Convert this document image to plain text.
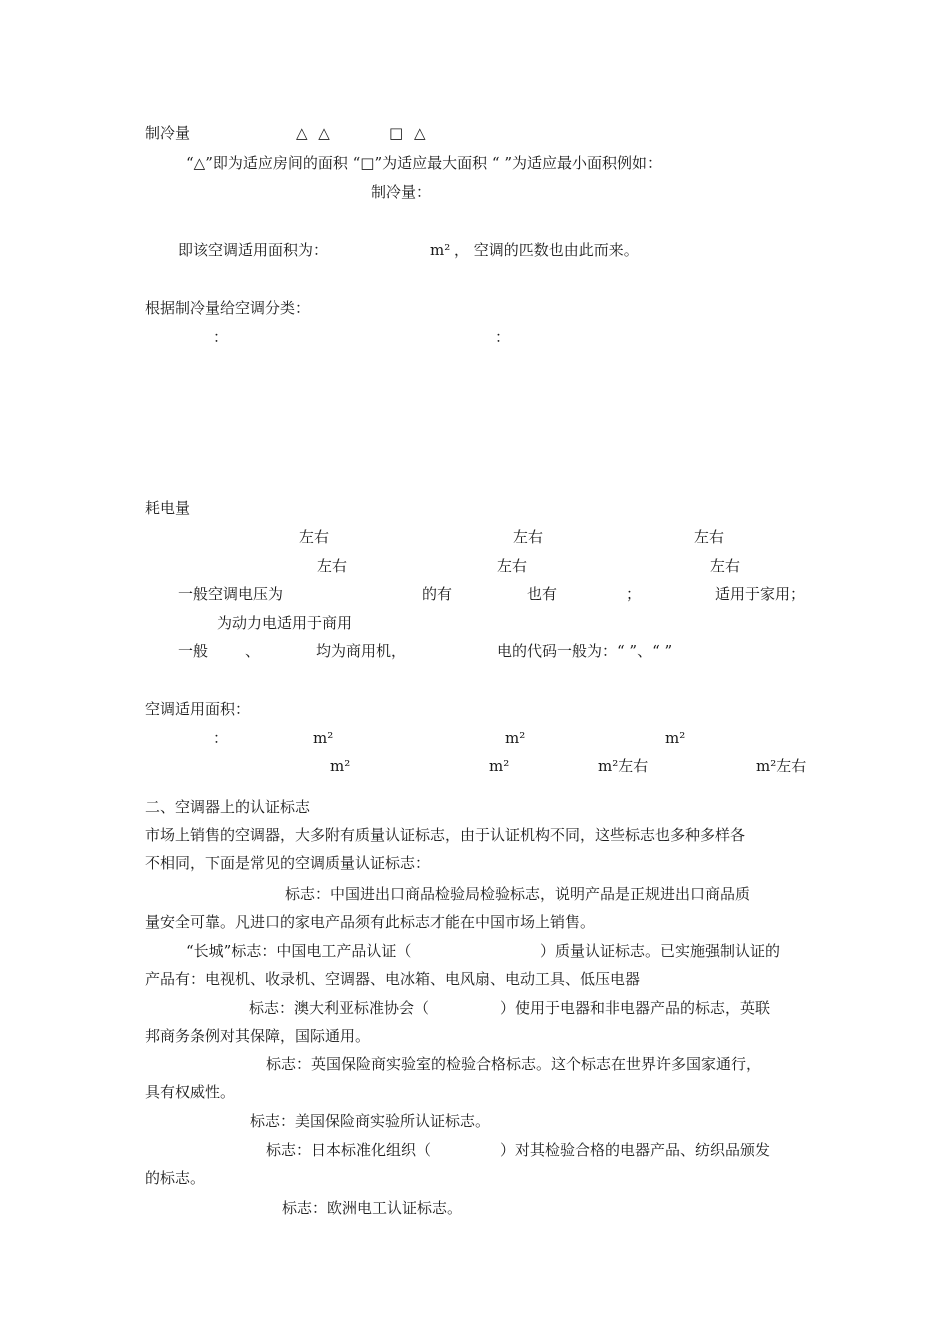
制冷量	△ △	□ △
“△”即为适应房间的面积 “□”为适应最大面积 “ ”为适应最小面积例如：
制冷量：
即该空调适用面积为：	m² ， 空调的匹数也由此而来。
根据制冷量给空调分类：
：	：
耗电量
左右	左右	左右
左右	左右	左右
一般空调电压为	的有	也有	；	适用于家用；
为动力电适用于商用
一般 、	均为商用机，	电的代码一般为：“ ”、“ ”
空调适用面积：
：	m²	m²	m²
m²	m²	m²左右	m²左右
二、空调器上的认证标志
市场上销售的空调器，大多附有质量认证标志，由于认证机构不同，这些标志也多种多样各
不相同，下面是常见的空调质量认证标志：
标志：中国进出口商品检验局检验标志，说明产品是正规进出口商品质
量安全可靠。凡进口的家电产品须有此标志才能在中国市场上销售。
“长城”标志：中国电工产品认证（	）质量认证标志。已实施强制认证的
产品有：电视机、收录机、空调器、电冰箱、电风扇、电动工具、低压电器
标志：澳大利亚标准协会（	）使用于电器和非电器产品的标志，英联
邦商务条例对其保障，国际通用。
标志：英国保险商实验室的检验合格标志。这个标志在世界许多国家通行，
具有权威性。
标志：美国保险商实验所认证标志。
标志：日本标准化组织（	）对其检验合格的电器产品、纺织品颁发
的标志。
标志：欧洲电工认证标志。
